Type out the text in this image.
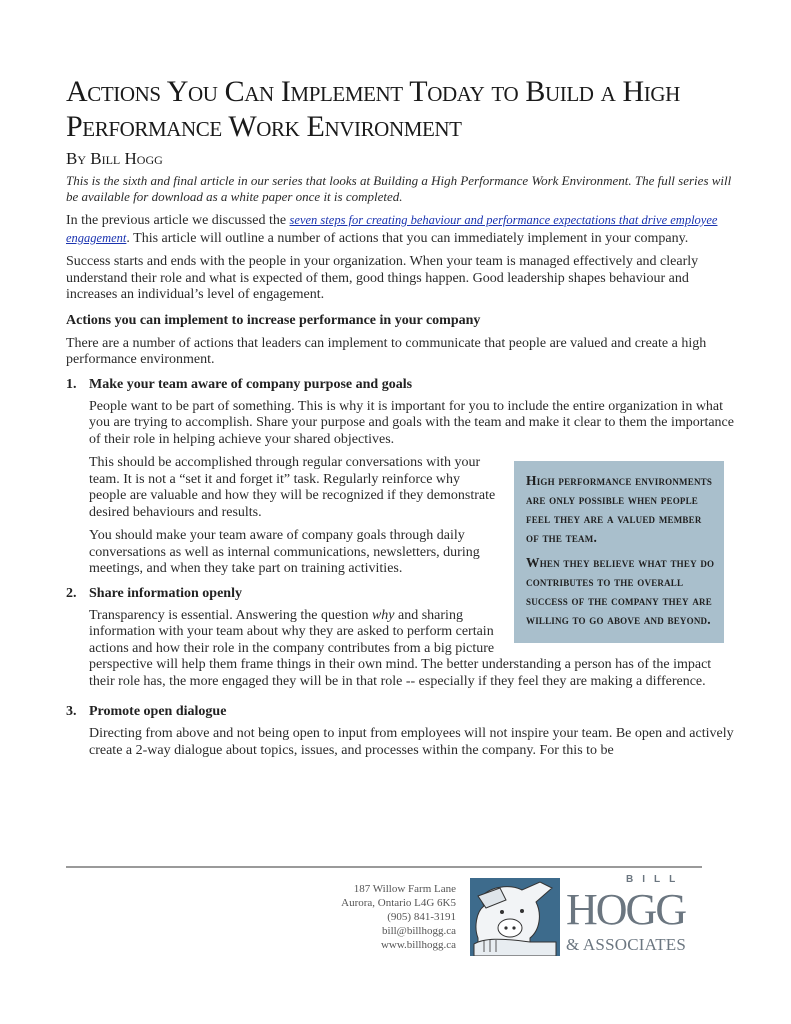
Actions You Can Implement Today to Build a High Performance Work Environment
By Bill Hogg
This is the sixth and final article in our series that looks at Building a High Performance Work Environment. The full series will be available for download as a white paper once it is completed.
In the previous article we discussed the seven steps for creating behaviour and performance expectations that drive employee engagement. This article will outline a number of actions that you can immediately implement in your company.
Success starts and ends with the people in your organization. When your team is managed effectively and clearly understand their role and what is expected of them, good things happen. Good leadership shapes behaviour and increases an individual’s level of engagement.
Actions you can implement to increase performance in your company
There are a number of actions that leaders can implement to communicate that people are valued and create a high performance environment.
1. Make your team aware of company purpose and goals
People want to be part of something. This is why it is important for you to include the entire organization in what you are trying to accomplish. Share your purpose and goals with the team and make it clear to them the importance of their role in helping achieve your shared objectives.

High performance environments are only possible when people feel they are a valued member of the team.

When they believe what they do contributes to the overall success of the company they are willing to go above and beyond.

This should be accomplished through regular conversations with your team. It is not a “set it and forget it” task. Regularly reinforce why people are valuable and how they will be recognized if they demonstrate desired behaviours and results.
You should make your team aware of company goals through daily conversations as well as internal communications, newsletters, during meetings, and when they take part on training activities.
2. Share information openly
Transparency is essential. Answering the question why and sharing information with your team about why they are asked to perform certain actions and how their role in the company contributes from a big picture perspective will help them frame things in their own mind. The better understanding a person has of the impact their role has, the more engaged they will be in that role -- especially if they feel they are making a difference.
3. Promote open dialogue
Directing from above and not being open to input from employees will not inspire your team. Be open and actively create a 2-way dialogue about topics, issues, and processes within the company. For this to be
187 Willow Farm Lane
Aurora, Ontario L4G 6K5
(905) 841-3191
bill@billhogg.ca
www.billhogg.ca
BILL
HOGG
& ASSOCIATES
